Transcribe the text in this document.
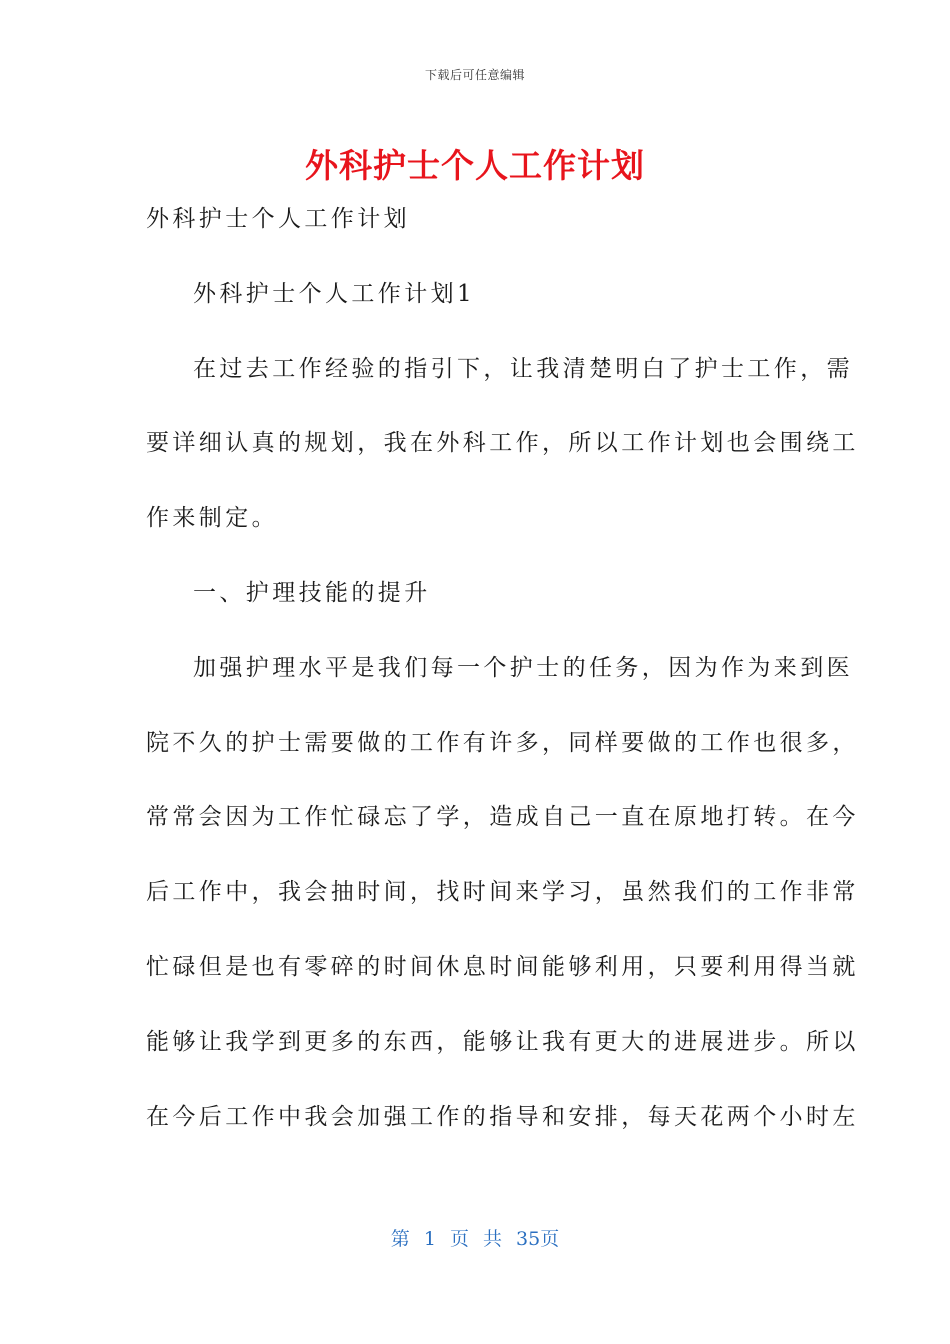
下载后可任意编辑
外科护士个人工作计划
外科护士个人工作计划
外科护士个人工作计划1
在过去工作经验的指引下，让我清楚明白了护士工作，需
要详细认真的规划，我在外科工作，所以工作计划也会围绕工
作来制定。
一、护理技能的提升
加强护理水平是我们每一个护士的任务，因为作为来到医
院不久的护士需要做的工作有许多，同样要做的工作也很多，
常常会因为工作忙碌忘了学，造成自己一直在原地打转。在今
后工作中，我会抽时间，找时间来学习，虽然我们的工作非常
忙碌但是也有零碎的时间休息时间能够利用，只要利用得当就
能够让我学到更多的东西，能够让我有更大的进展进步。所以
在今后工作中我会加强工作的指导和安排，每天花两个小时左
第 1 页 共 35页
